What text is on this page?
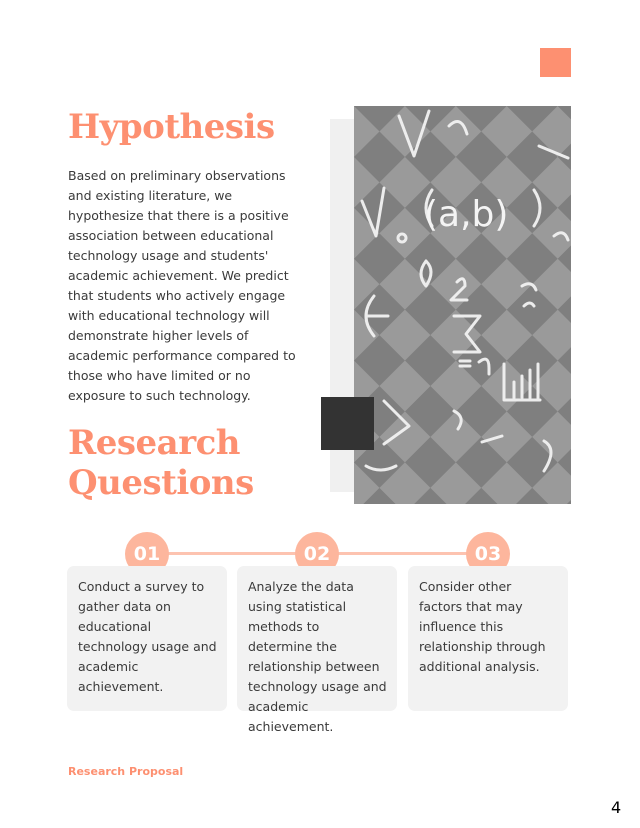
Hypothesis

Based on preliminary observations and existing literature, we hypothesize that there is a positive association between educational technology usage and students' academic achievement. We predict that students who actively engage with educational technology will demonstrate higher levels of academic performance compared to those who have limited or no exposure to such technology.

Research Questions
(a,b)
01	02	03
Conduct a survey to gather data on educational technology usage and academic achievement.
Analyze the data using statistical methods to determine the relationship between technology usage and academic achievement.
Consider other factors that may influence this relationship through additional analysis.
Research Proposal
4
